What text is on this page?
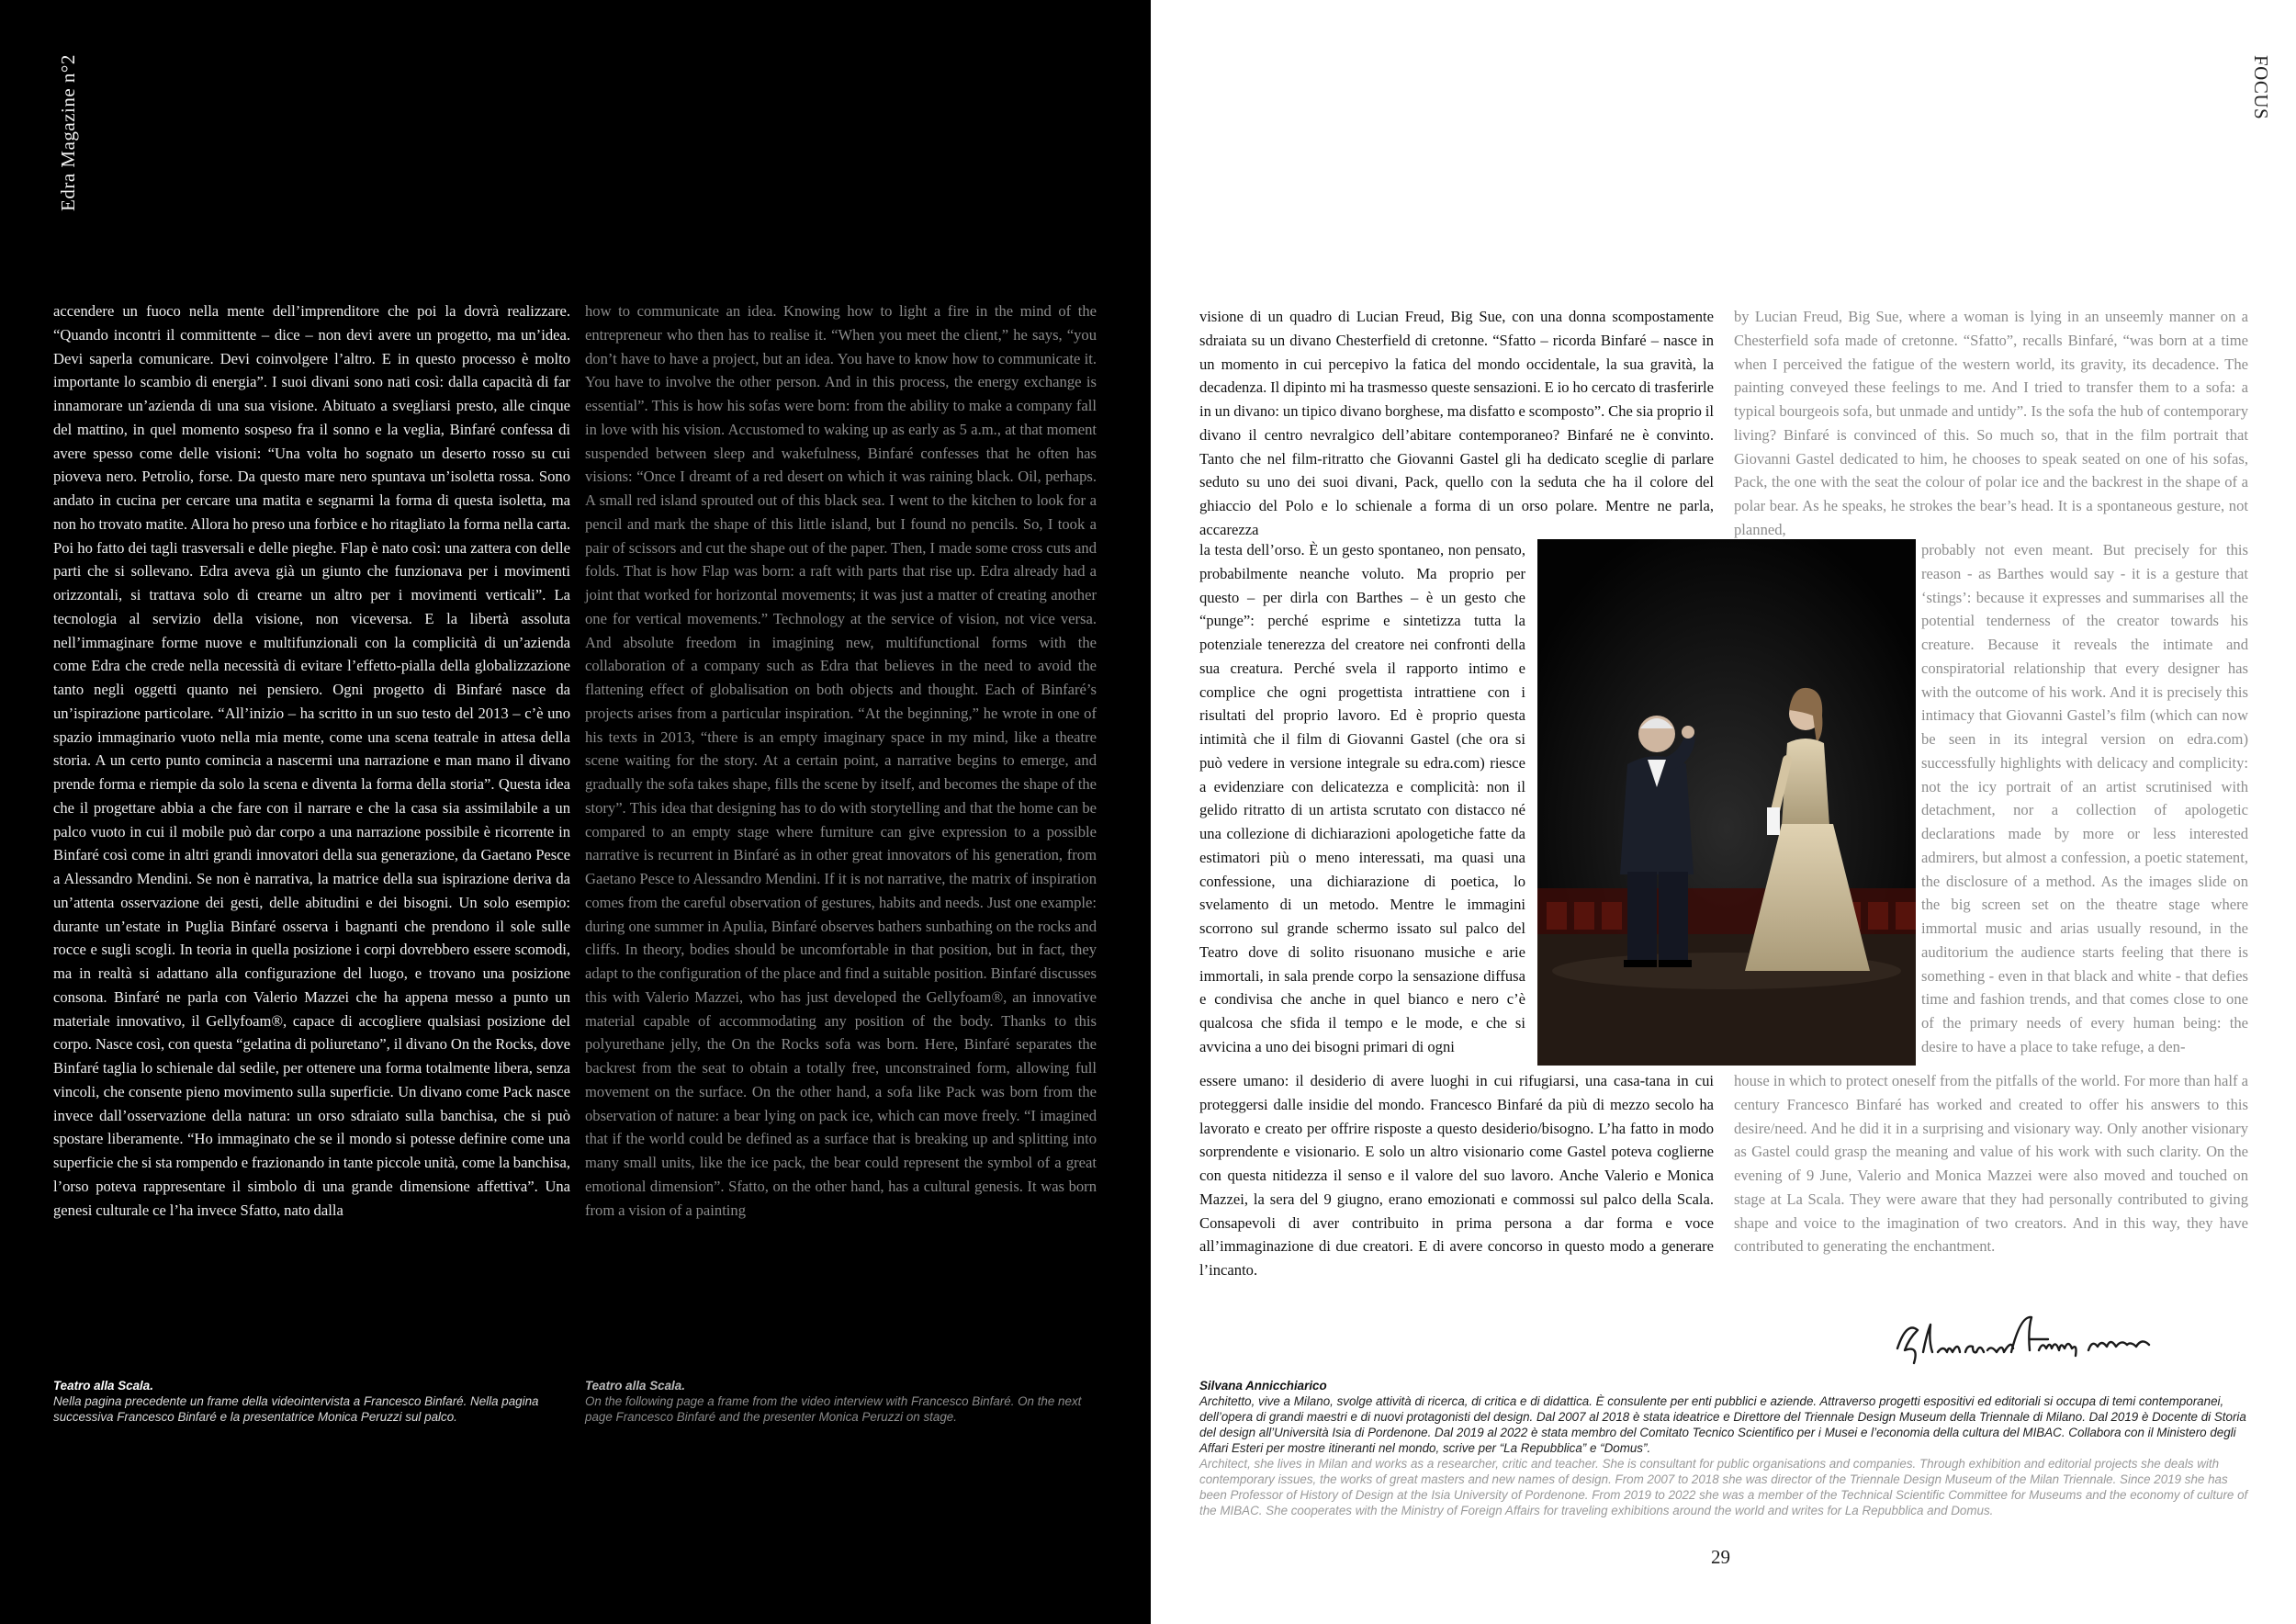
Edra Magazine n°2

accendere un fuoco nella mente dell’imprenditore che poi la dovrà realizzare. “Quando incontri il committente – dice – non devi avere un progetto, ma un’idea. Devi saperla comunicare. Devi coinvolgere l’altro. E in questo processo è molto importante lo scambio di energia”. I suoi divani sono nati così: dalla capacità di far innamorare un’azienda di una sua visione. Abituato a svegliarsi presto, alle cinque del mattino, in quel momento sospeso fra il sonno e la veglia, Binfaré confessa di avere spesso come delle visioni: “Una volta ho sognato un deserto rosso su cui pioveva nero. Petrolio, forse. Da questo mare nero spuntava un’isoletta rossa. Sono andato in cucina per cercare una matita e segnarmi la forma di questa isoletta, ma non ho trovato matite. Allora ho preso una forbice e ho ritagliato la forma nella carta. Poi ho fatto dei tagli trasversali e delle pieghe. Flap è nato così: una zattera con delle parti che si sollevano. Edra aveva già un giunto che funzionava per i movimenti orizzontali, si trattava solo di crearne un altro per i movimenti verticali”. La tecnologia al servizio della visione, non viceversa. E la libertà assoluta nell’immaginare forme nuove e multifunzionali con la complicità di un’azienda come Edra che crede nella necessità di evitare l’effetto-pialla della globalizzazione tanto negli oggetti quanto nei pensiero. Ogni progetto di Binfaré nasce da un’ispirazione particolare. “All’inizio – ha scritto in un suo testo del 2013 – c’è uno spazio immaginario vuoto nella mia mente, come una scena teatrale in attesa della storia. A un certo punto comincia a nascermi una narrazione e man mano il divano prende forma e riempie da solo la scena e diventa la forma della storia”. Questa idea che il progettare abbia a che fare con il narrare e che la casa sia assimilabile a un palco vuoto in cui il mobile può dar corpo a una narrazione possibile è ricorrente in Binfaré così come in altri grandi innovatori della sua generazione, da Gaetano Pesce a Alessandro Mendini. Se non è narrativa, la matrice della sua ispirazione deriva da un’attenta osservazione dei gesti, delle abitudini e dei bisogni. Un solo esempio: durante un’estate in Puglia Binfaré osserva i bagnanti che prendono il sole sulle rocce e sugli scogli. In teoria in quella posizione i corpi dovrebbero essere scomodi, ma in realtà si adattano alla configurazione del luogo, e trovano una posizione consona. Binfaré ne parla con Valerio Mazzei che ha appena messo a punto un materiale innovativo, il Gellyfoam®, capace di accogliere qualsiasi posizione del corpo. Nasce così, con questa “gelatina di poliuretano”, il divano On the Rocks, dove Binfaré taglia lo schienale dal sedile, per ottenere una forma totalmente libera, senza vincoli, che consente pieno movimento sulla superficie. Un divano come Pack nasce invece dall’osservazione della natura: un orso sdraiato sulla banchisa, che si può spostare liberamente. “Ho immaginato che se il mondo si potesse definire come una superficie che si sta rompendo e frazionando in tante piccole unità, come la banchisa, l’orso poteva rappresentare il simbolo di una grande dimensione affettiva”. Una genesi culturale ce l’ha invece Sfatto, nato dalla

how to communicate an idea. Knowing how to light a fire in the mind of the entrepreneur who then has to realise it. “When you meet the client,” he says, “you don’t have to have a project, but an idea. You have to know how to communicate it. You have to involve the other person. And in this process, the energy exchange is essential”. This is how his sofas were born: from the ability to make a company fall in love with his vision. Accustomed to waking up as early as 5 a.m., at that moment suspended between sleep and wakefulness, Binfaré confesses that he often has visions: “Once I dreamt of a red desert on which it was raining black. Oil, perhaps. A small red island sprouted out of this black sea. I went to the kitchen to look for a pencil and mark the shape of this little island, but I found no pencils. So, I took a pair of scissors and cut the shape out of the paper. Then, I made some cross cuts and folds. That is how Flap was born: a raft with parts that rise up. Edra already had a joint that worked for horizontal movements; it was just a matter of creating another one for vertical movements.” Technology at the service of vision, not vice versa. And absolute freedom in imagining new, multifunctional forms with the collaboration of a company such as Edra that believes in the need to avoid the flattening effect of globalisation on both objects and thought. Each of Binfaré’s projects arises from a particular inspiration. “At the beginning,” he wrote in one of his texts in 2013, “there is an empty imaginary space in my mind, like a theatre scene waiting for the story. At a certain point, a narrative begins to emerge, and gradually the sofa takes shape, fills the scene by itself, and becomes the shape of the story”. This idea that designing has to do with storytelling and that the home can be compared to an empty stage where furniture can give expression to a possible narrative is recurrent in Binfaré as in other great innovators of his generation, from Gaetano Pesce to Alessandro Mendini. If it is not narrative, the matrix of inspiration comes from the careful observation of gestures, habits and needs. Just one example: during one summer in Apulia, Binfaré observes bathers sunbathing on the rocks and cliffs. In theory, bodies should be uncomfortable in that position, but in fact, they adapt to the configuration of the place and find a suitable position. Binfaré discusses this with Valerio Mazzei, who has just developed the Gellyfoam®, an innovative material capable of accommodating any position of the body. Thanks to this polyurethane jelly, the On the Rocks sofa was born. Here, Binfaré separates the backrest from the seat to obtain a totally free, unconstrained form, allowing full movement on the surface. On the other hand, a sofa like Pack was born from the observation of nature: a bear lying on pack ice, which can move freely. “I imagined that if the world could be defined as a surface that is breaking up and splitting into many small units, like the ice pack, the bear could represent the symbol of a great emotional dimension”. Sfatto, on the other hand, has a cultural genesis. It was born from a vision of a painting

Teatro alla Scala.
Nella pagina precedente un frame della videointervista a Francesco Binfaré. Nella pagina successiva Francesco Binfaré e la presentatrice Monica Peruzzi sul palco.
Teatro alla Scala.
On the following page a frame from the video interview with Francesco Binfaré. On the next page Francesco Binfaré and the presenter Monica Peruzzi on stage.
FOCUS

visione di un quadro di Lucian Freud, Big Sue, con una donna scompostamente sdraiata su un divano Chesterfield di cretonne. “Sfatto – ricorda Binfaré – nasce in un momento in cui percepivo la fatica del mondo occidentale, la sua gravità, la decadenza. Il dipinto mi ha trasmesso queste sensazioni. E io ho cercato di trasferirle in un divano: un tipico divano borghese, ma disfatto e scomposto”. Che sia proprio il divano il centro nevralgico dell’abitare contemporaneo? Binfaré ne è convinto. Tanto che nel film-ritratto che Giovanni Gastel gli ha dedicato sceglie di parlare seduto su uno dei suoi divani, Pack, quello con la seduta che ha il colore del ghiaccio del Polo e lo schienale a forma di un orso polare. Mentre ne parla, accarezza

by Lucian Freud, Big Sue, where a woman is lying in an unseemly manner on a Chesterfield sofa made of cretonne. “Sfatto”, recalls Binfaré, “was born at a time when I perceived the fatigue of the western world, its gravity, its decadence. The painting conveyed these feelings to me. And I tried to transfer them to a sofa: a typical bourgeois sofa, but unmade and untidy”. Is the sofa the hub of contemporary living? Binfaré is convinced of this. So much so, that in the film portrait that Giovanni Gastel dedicated to him, he chooses to speak seated on one of his sofas, Pack, the one with the seat the colour of polar ice and the backrest in the shape of a polar bear. As he speaks, he strokes the bear’s head. It is a spontaneous gesture, not planned,

la testa dell’orso. È un gesto spontaneo, non pensato, probabilmente neanche voluto. Ma proprio per questo – per dirla con Barthes – è un gesto che “punge”: perché esprime e sintetizza tutta la potenziale tenerezza del creatore nei confronti della sua creatura. Perché svela il rapporto intimo e complice che ogni progettista intrattiene con i risultati del proprio lavoro. Ed è proprio questa intimità che il film di Giovanni Gastel (che ora si può vedere in versione integrale su edra.com) riesce a evidenziare con delicatezza e complicità: non il gelido ritratto di un artista scrutato con distacco né una collezione di dichiarazioni apologetiche fatte da estimatori più o meno interessati, ma quasi una confessione, una dichiarazione di poetica, lo svelamento di un metodo. Mentre le immagini scorrono sul grande schermo issato sul palco del Teatro dove di solito risuonano musiche e arie immortali, in sala prende corpo la sensazione diffusa e condivisa che anche in quel bianco e nero c’è qualcosa che sfida il tempo e le mode, e che si avvicina a uno dei bisogni primari di ogni

probably not even meant. But precisely for this reason - as Barthes would say - it is a gesture that ‘stings’: because it expresses and summarises all the potential tenderness of the creator towards his creature. Because it reveals the intimate and conspiratorial relationship that every designer has with the outcome of his work. And it is precisely this intimacy that Giovanni Gastel’s film (which can now be seen in its integral version on edra.com) successfully highlights with delicacy and complicity: not the icy portrait of an artist scrutinised with detachment, nor a collection of apologetic declarations made by more or less interested admirers, but almost a confession, a poetic statement, the disclosure of a method. As the images slide on the big screen set on the theatre stage where immortal music and arias usually resound, in the auditorium the audience starts feeling that there is something - even in that black and white - that defies time and fashion trends, and that comes close to one of the primary needs of every human being: the desire to have a place to take refuge, a den-

essere umano: il desiderio di avere luoghi in cui rifugiarsi, una casa-tana in cui proteggersi dalle insidie del mondo. Francesco Binfaré da più di mezzo secolo ha lavorato e creato per offrire risposte a questo desiderio/bisogno. L’ha fatto in modo sorprendente e visionario. E solo un altro visionario come Gastel poteva coglierne con questa nitidezza il senso e il valore del suo lavoro. Anche Valerio e Monica Mazzei, la sera del 9 giugno, erano emozionati e commossi sul palco della Scala. Consapevoli di aver contribuito in prima persona a dar forma e voce all’immaginazione di due creatori. E di avere concorso in questo modo a generare l’incanto.

house in which to protect oneself from the pitfalls of the world. For more than half a century Francesco Binfaré has worked and created to offer his answers to this desire/need. And he did it in a surprising and visionary way. Only another visionary as Gastel could grasp the meaning and value of his work with such clarity. On the evening of 9 June, Valerio and Monica Mazzei were also moved and touched on stage at La Scala. They were aware that they had personally contributed to giving shape and voice to the imagination of two creators. And in this way, they have contributed to generating the enchantment.

Silvana Annicchiarico
Architetto, vive a Milano, svolge attività di ricerca, di critica e di didattica. È consulente per enti pubblici e aziende. Attraverso progetti espositivi ed editoriali si occupa di temi contemporanei, dell’opera di grandi maestri e di nuovi protagonisti del design. Dal 2007 al 2018 è stata ideatrice e Direttore del Triennale Design Museum della Triennale di Milano. Dal 2019 è Docente di Storia del design all’Università Isia di Pordenone. Dal 2019 al 2022 è stata membro del Comitato Tecnico Scientifico per i Musei e l’economia della cultura del MIBAC. Collabora con il Ministero degli Affari Esteri per mostre itineranti nel mondo, scrive per “La Repubblica” e “Domus”.
Architect, she lives in Milan and works as a researcher, critic and teacher. She is consultant for public organisations and companies. Through exhibition and editorial projects she deals with contemporary issues, the works of great masters and new names of design. From 2007 to 2018 she was director of the Triennale Design Museum of the Milan Triennale. Since 2019 she has been Professor of History of Design at the Isia University of Pordenone. From 2019 to 2022 she was a member of the Technical Scientific Committee for Museums and the economy of culture of the MIBAC. She cooperates with the Ministry of Foreign Affairs for traveling exhibitions around the world and writes for La Repubblica and Domus.
29
